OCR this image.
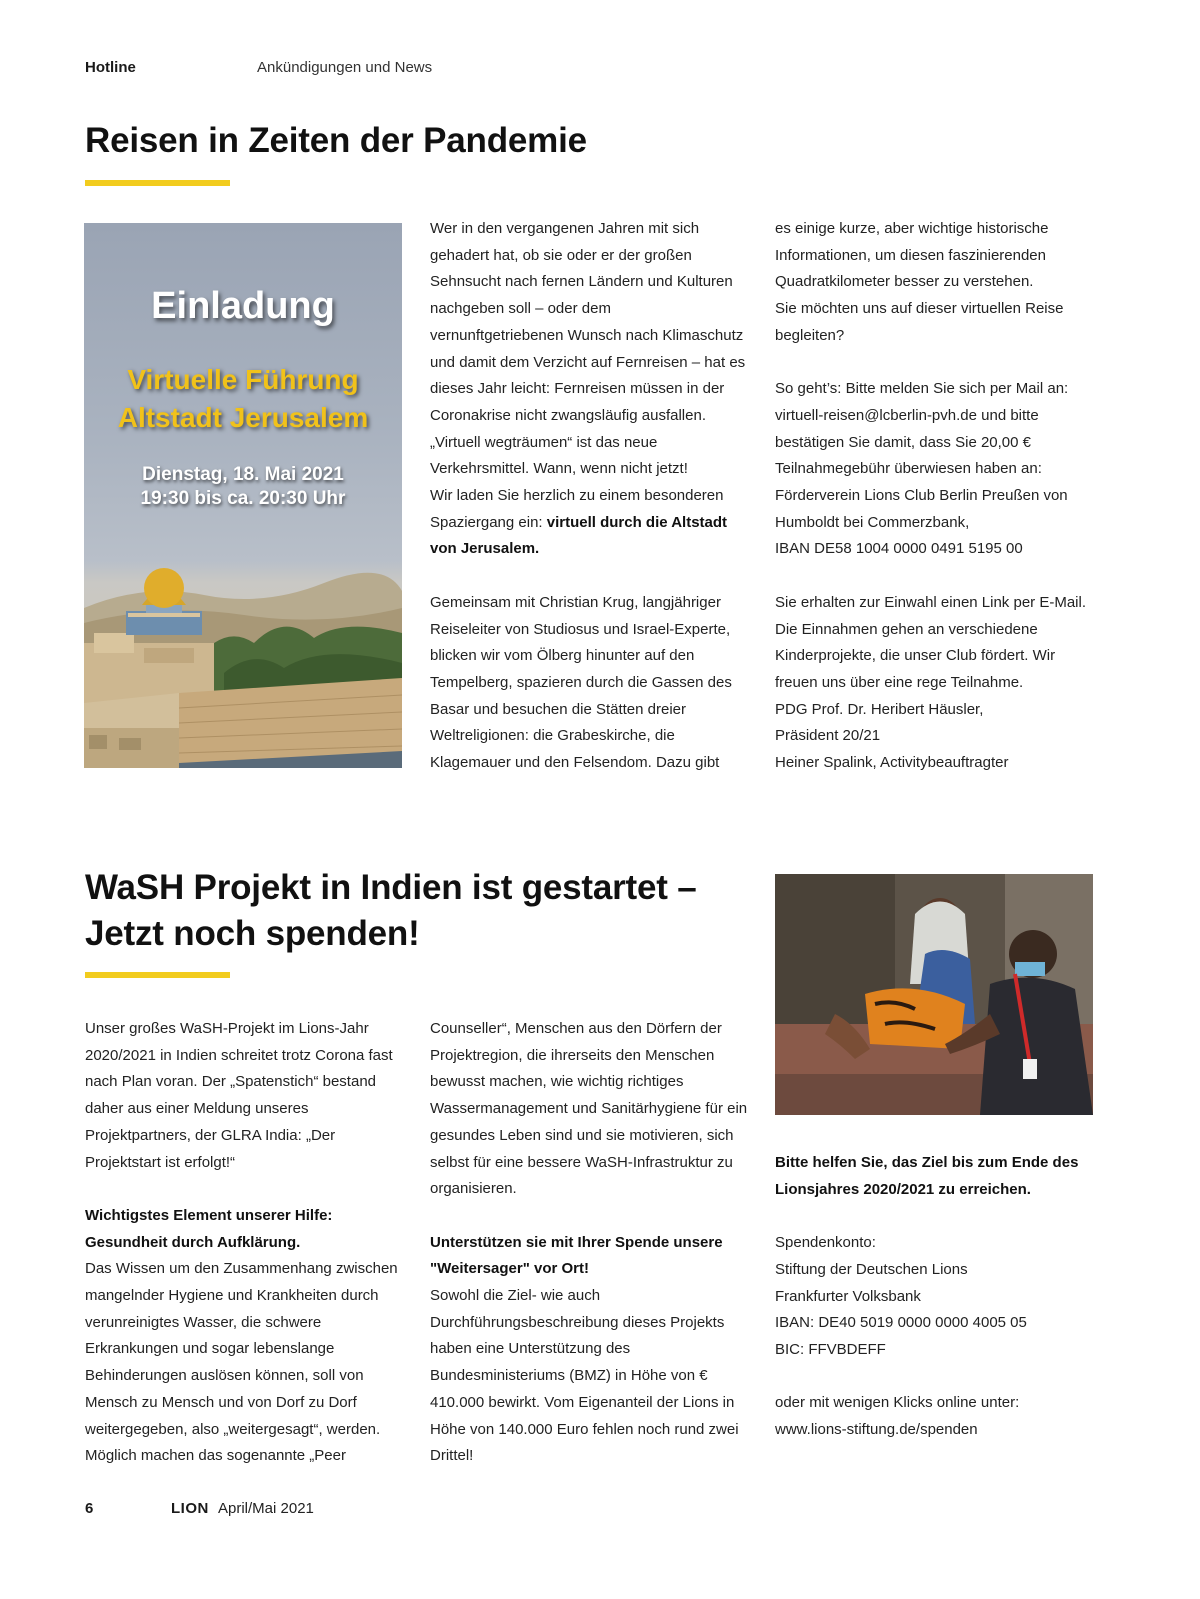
Hotline	Ankündigungen und News
Reisen in Zeiten der Pandemie
Einladung
Virtuelle Führung
Altstadt Jerusalem
Dienstag, 18. Mai 2021
19:30 bis ca. 20:30 Uhr

Wer in den vergangenen Jahren mit sich gehadert hat, ob sie oder er der großen Sehnsucht nach fernen Ländern und Kulturen nachgeben soll – oder dem vernunftgetriebenen Wunsch nach Klimaschutz und damit dem Verzicht auf Fernreisen – hat es dieses Jahr leicht: Fernreisen müssen in der Coronakrise nicht zwangsläufig ausfallen. „Virtuell wegträumen“ ist das neue Verkehrsmittel. Wann, wenn nicht jetzt!

Wir laden Sie herzlich zu einem besonderen Spaziergang ein: virtuell durch die Altstadt von Jerusalem.

Gemeinsam mit Christian Krug, langjähriger Reiseleiter von Studiosus und Israel-Experte, blicken wir vom Ölberg hinunter auf den Tempelberg, spazieren durch die Gassen des Basar und besuchen die Stätten dreier Weltreligionen: die Grabeskirche, die Klagemauer und den Felsendom. Dazu gibt

es einige kurze, aber wichtige historische Informationen, um diesen faszinierenden Quadratkilometer besser zu verstehen.

Sie möchten uns auf dieser virtuellen Reise begleiten?

So geht’s: Bitte melden Sie sich per Mail an: virtuell-reisen@lcberlin-pvh.de und bitte bestätigen Sie damit, dass Sie 20,00 € Teilnahmegebühr überwiesen haben an: Förderverein Lions Club Berlin Preußen von Humboldt bei Commerzbank,

IBAN DE58 1004 0000 0491 5195 00

Sie erhalten zur Einwahl einen Link per E-Mail. Die Einnahmen gehen an verschiedene Kinderprojekte, die unser Club fördert. Wir freuen uns über eine rege Teilnahme.

PDG Prof. Dr. Heribert Häusler,

Präsident 20/21

Heiner Spalink, Activitybeauftragter

WaSH Projekt in Indien ist gestartet –
Jetzt noch spenden!

Unser großes WaSH-Projekt im Lions-Jahr 2020/2021 in Indien schreitet trotz Corona fast nach Plan voran. Der „Spatenstich“ bestand daher aus einer Meldung unseres Projektpartners, der GLRA India: „Der Projektstart ist erfolgt!“

Wichtigstes Element unserer Hilfe: Gesundheit durch Aufklärung.

Das Wissen um den Zusammenhang zwischen mangelnder Hygiene und Krankheiten durch verunreinigtes Wasser, die schwere Erkrankungen und sogar lebenslange Behinderungen auslösen können, soll von Mensch zu Mensch und von Dorf zu Dorf weitergegeben, also „weitergesagt“, werden. Möglich machen das sogenannte „Peer

Counseller“, Menschen aus den Dörfern der Projektregion, die ihrerseits den Menschen bewusst machen, wie wichtig richtiges Wassermanagement und Sanitärhygiene für ein gesundes Leben sind und sie motivieren, sich selbst für eine bessere WaSH-Infrastruktur zu organisieren.

Unterstützen sie mit Ihrer Spende unsere "Weitersager" vor Ort!

Sowohl die Ziel- wie auch Durchführungsbeschreibung dieses Projekts haben eine Unterstützung des Bundesministeriums (BMZ) in Höhe von € 410.000 bewirkt. Vom Eigenanteil der Lions in Höhe von 140.000 Euro fehlen noch rund zwei Drittel!

Bitte helfen Sie, das Ziel bis zum Ende des Lionsjahres 2020/2021 zu erreichen.

Spendenkonto:

Stiftung der Deutschen Lions

Frankfurter Volksbank

IBAN: DE40 5019 0000 0000 4005 05

BIC: FFVBDEFF

oder mit wenigen Klicks online unter:

www.lions-stiftung.de/spenden

6	LION April/Mai 2021
